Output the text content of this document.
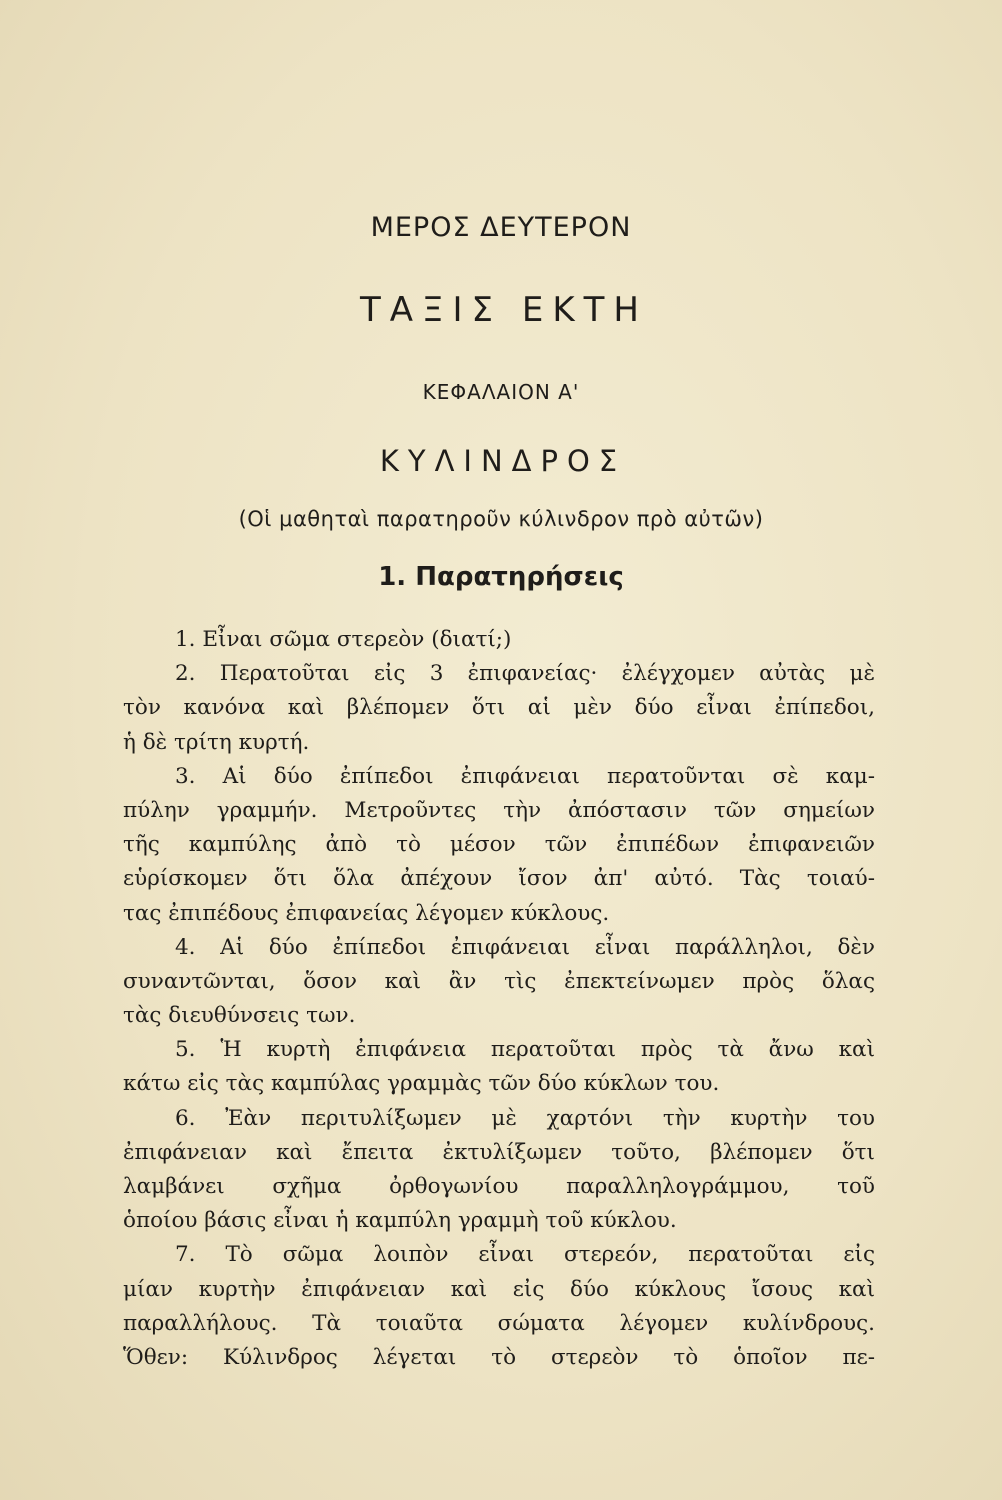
ΜΕΡΟΣ ΔΕΥΤΕΡΟΝ
ΤΑΞΙΣ ΕΚΤΗ
ΚΕΦΑΛΑΙΟΝ Α'
ΚΥΛΙΝΔΡΟΣ
(Οἱ μαθηταὶ παρατηροῦν κύλινδρον πρὸ αὐτῶν)
1. Παρατηρήσεις
1. Εἶναι σῶμα στερεὸν (διατί;)
2. Περατοῦται εἰς 3 ἐπιφανείας· ἐλέγχομεν αὐτὰς μὲ
τὸν κανόνα καὶ βλέπομεν ὅτι αἱ μὲν δύο εἶναι ἐπίπεδοι,
ἡ δὲ τρίτη κυρτή.
3. Αἱ δύο ἐπίπεδοι ἐπιφάνειαι περατοῦνται σὲ καμ-
πύλην γραμμήν. Μετροῦντες τὴν ἀπόστασιν τῶν σημείων
τῆς καμπύλης ἀπὸ τὸ μέσον τῶν ἐπιπέδων ἐπιφανειῶν
εὑρίσκομεν ὅτι ὅλα ἀπέχουν ἴσον ἀπ' αὐτό. Τὰς τοιαύ-
τας ἐπιπέδους ἐπιφανείας λέγομεν κύκλους.
4. Αἱ δύο ἐπίπεδοι ἐπιφάνειαι εἶναι παράλληλοι, δὲν
συναντῶνται, ὅσον καὶ ἂν τὶς ἐπεκτείνωμεν πρὸς ὅλας
τὰς διευθύνσεις των.
5. Ἡ κυρτὴ ἐπιφάνεια περατοῦται πρὸς τὰ ἄνω καὶ
κάτω εἰς τὰς καμπύλας γραμμὰς τῶν δύο κύκλων του.
6. Ἐὰν περιτυλίξωμεν μὲ χαρτόνι τὴν κυρτὴν του
ἐπιφάνειαν καὶ ἔπειτα ἐκτυλίξωμεν τοῦτο, βλέπομεν ὅτι
λαμβάνει σχῆμα ὀρθογωνίου παραλληλογράμμου, τοῦ
ὁποίου βάσις εἶναι ἡ καμπύλη γραμμὴ τοῦ κύκλου.
7. Τὸ σῶμα λοιπὸν εἶναι στερεόν, περατοῦται εἰς
μίαν κυρτὴν ἐπιφάνειαν καὶ εἰς δύο κύκλους ἴσους καὶ
παραλλήλους. Τὰ τοιαῦτα σώματα λέγομεν κυλίνδρους.
Ὅθεν: Κύλινδρος λέγεται τὸ στερεὸν τὸ ὁποῖον πε-
